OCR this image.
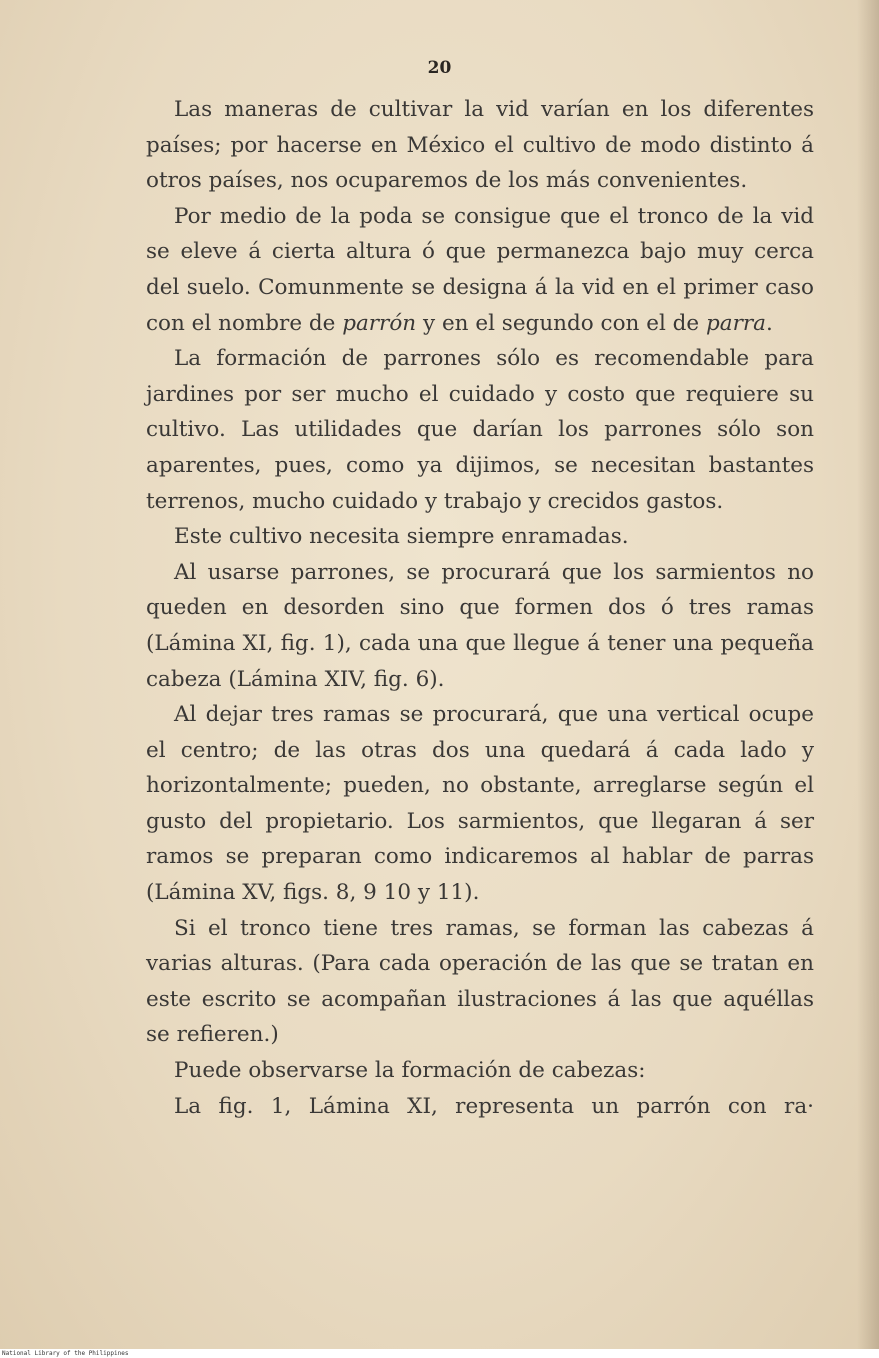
20

Las maneras de cultivar la vid varían en los diferentes países; por hacerse en México el cultivo de modo distinto á otros países, nos ocuparemos de los más convenientes.

Por medio de la poda se consigue que el tronco de la vid se eleve á cierta altura ó que permanezca bajo muy cerca del suelo. Comunmente se designa á la vid en el primer caso con el nombre de parrón y en el segundo con el de parra.

La formación de parrones sólo es recomendable para jardines por ser mucho el cuidado y costo que requiere su cultivo. Las utilidades que darían los parrones sólo son aparentes, pues, como ya dijimos, se necesitan bastantes terrenos, mucho cuidado y trabajo y crecidos gastos.

Este cultivo necesita siempre enramadas.

Al usarse parrones, se procurará que los sarmientos no queden en desorden sino que formen dos ó tres ramas (Lámina XI, fig. 1), cada una que llegue á tener una pequeña cabeza (Lámina XIV, fig. 6).

Al dejar tres ramas se procurará, que una vertical ocupe el centro; de las otras dos una quedará á cada lado y horizontalmente; pueden, no obstante, arreglarse según el gusto del propietario. Los sarmientos, que llegaran á ser ramos se preparan como indicaremos al hablar de parras (Lámina XV, figs. 8, 9 10 y 11).

Si el tronco tiene tres ramas, se forman las cabezas á varias alturas. (Para cada operación de las que se tratan en este escrito se acompañan ilustraciones á las que aquéllas se refieren.)

Puede observarse la formación de cabezas:

La fig. 1, Lámina XI, representa un parrón con ra·

National Library of the Philippines
